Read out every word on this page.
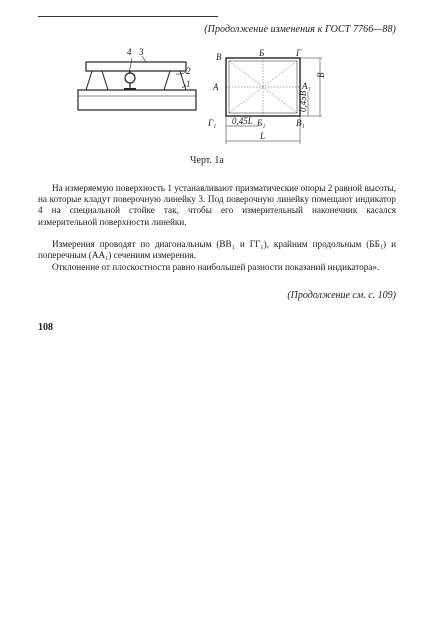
(Продолжение изменения к ГОСТ 7766—88)
4 3
2
1
В	Б	Г
А	А₁
В
0,45В
Г₁	Б₁	В₁
0,45L
L
Черт. 1а
На измеряемую поверхность 1 устанавливают призматические опоры 2 равной высоты, на которые кладут поверочную линейку 3. Под поверочную линейку помещают индикатор 4 на специальной стойке так, чтобы его измерительный наконечник касался измерительной поверхности линейки.
Измерения проводят по диагональным (ВВ₁ и ГГ₁), крайним продольным (ББ₁) и поперечным (АА₁) сечениям измерения.
Отклонение от плоскостности равно наибольшей разности показаний индикатора».
(Продолжение см. с. 109)
108
